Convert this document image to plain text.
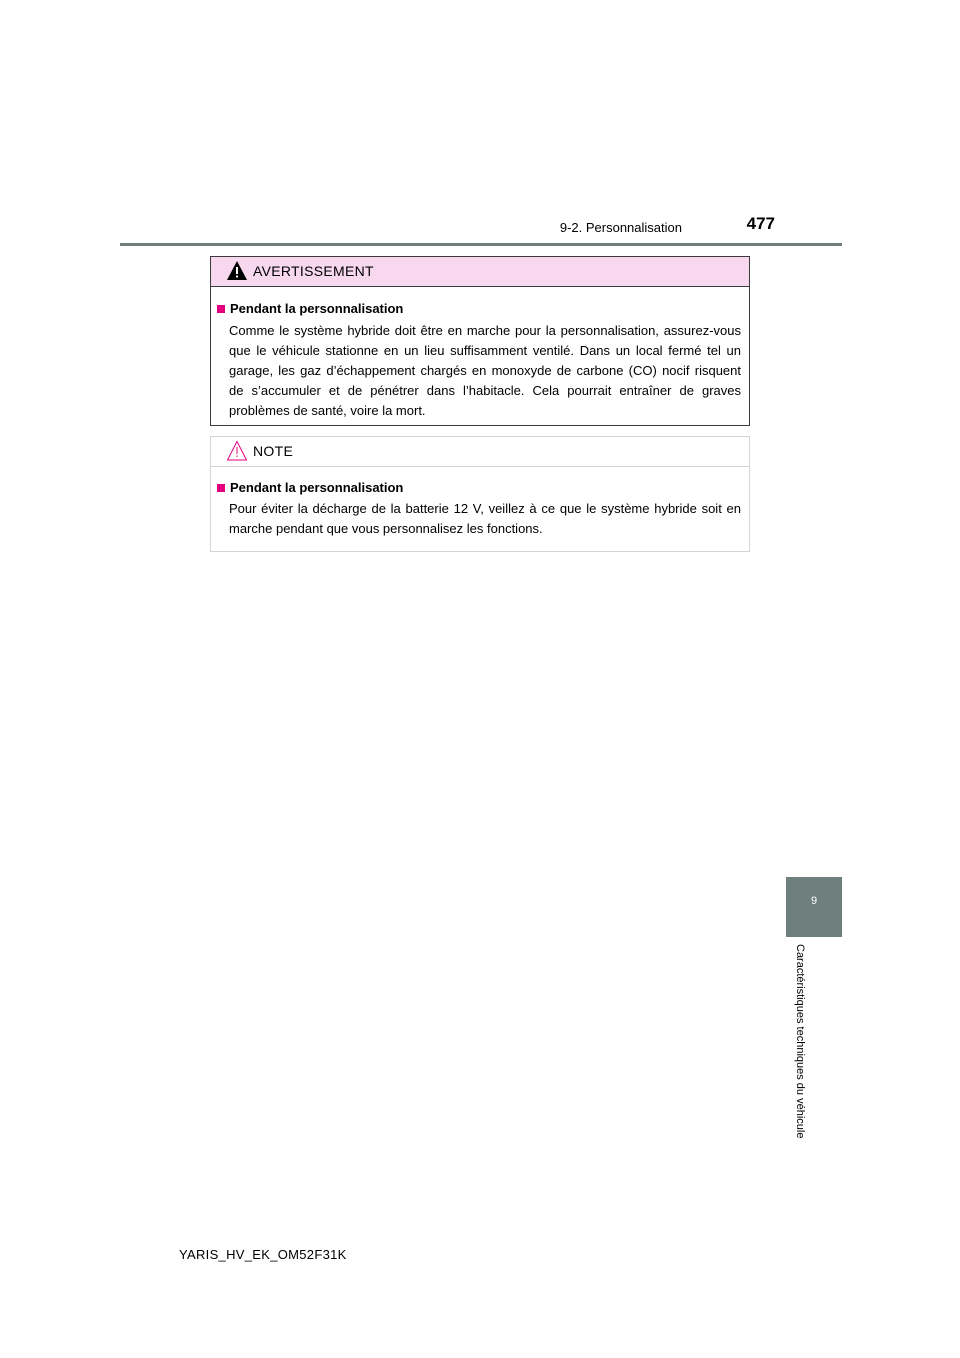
9-2. Personnalisation	477
AVERTISSEMENT
Pendant la personnalisation

Comme le système hybride doit être en marche pour la personnalisation, assurez-vous que le véhicule stationne en un lieu suffisamment ventilé. Dans un local fermé tel un garage, les gaz d’échappement chargés en monoxyde de carbone (CO) nocif risquent de s’accumuler et de pénétrer dans l’habitacle. Cela pourrait entraîner de graves problèmes de santé, voire la mort.

NOTE
Pendant la personnalisation

Pour éviter la décharge de la batterie 12 V, veillez à ce que le système hybride soit en marche pendant que vous personnalisez les fonctions.

9
Caractéristiques techniques du véhicule
YARIS_HV_EK_OM52F31K
